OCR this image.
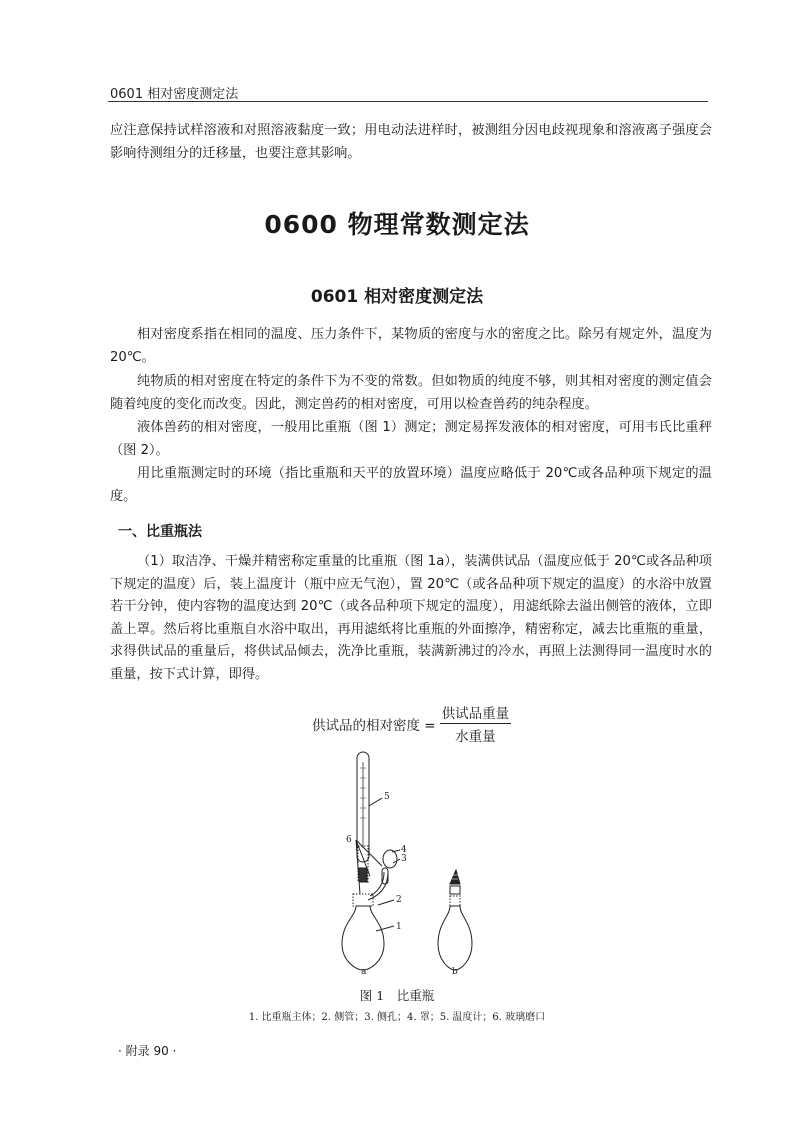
0601 相对密度测定法
应注意保持试样溶液和对照溶液黏度一致；用电动法进样时，被测组分因电歧视现象和溶液离子强度会影响待测组分的迁移量，也要注意其影响。
0600 物理常数测定法
0601 相对密度测定法
相对密度系指在相同的温度、压力条件下，某物质的密度与水的密度之比。除另有规定外，温度为 20℃。
纯物质的相对密度在特定的条件下为不变的常数。但如物质的纯度不够，则其相对密度的测定值会随着纯度的变化而改变。因此，测定兽药的相对密度，可用以检查兽药的纯杂程度。
液体兽药的相对密度，一般用比重瓶（图 1）测定；测定易挥发液体的相对密度，可用韦氏比重秤（图 2）。
用比重瓶测定时的环境（指比重瓶和天平的放置环境）温度应略低于 20℃或各品种项下规定的温度。
一、比重瓶法
（1）取洁净、干燥并精密称定重量的比重瓶（图 1a），装满供试品（温度应低于 20℃或各品种项下规定的温度）后，装上温度计（瓶中应无气泡），置 20℃（或各品种项下规定的温度）的水浴中放置若干分钟，使内容物的温度达到 20℃（或各品种项下规定的温度），用滤纸除去溢出侧管的液体，立即盖上罩。然后将比重瓶自水浴中取出，再用滤纸将比重瓶的外面擦净，精密称定，减去比重瓶的重量，求得供试品的重量后，将供试品倾去，洗净比重瓶，装满新沸过的冷水，再照上法测得同一温度时水的重量，按下式计算，即得。
供试品的相对密度 = $\frac{\text{供试品重量}}{\text{水重量}}$
5
6
4
3
2
1
a	b
图 1　比重瓶
1. 比重瓶主体；2. 侧管；3. 侧孔；4. 罩；5. 温度计；6. 玻璃磨口
· 附录 90 ·
